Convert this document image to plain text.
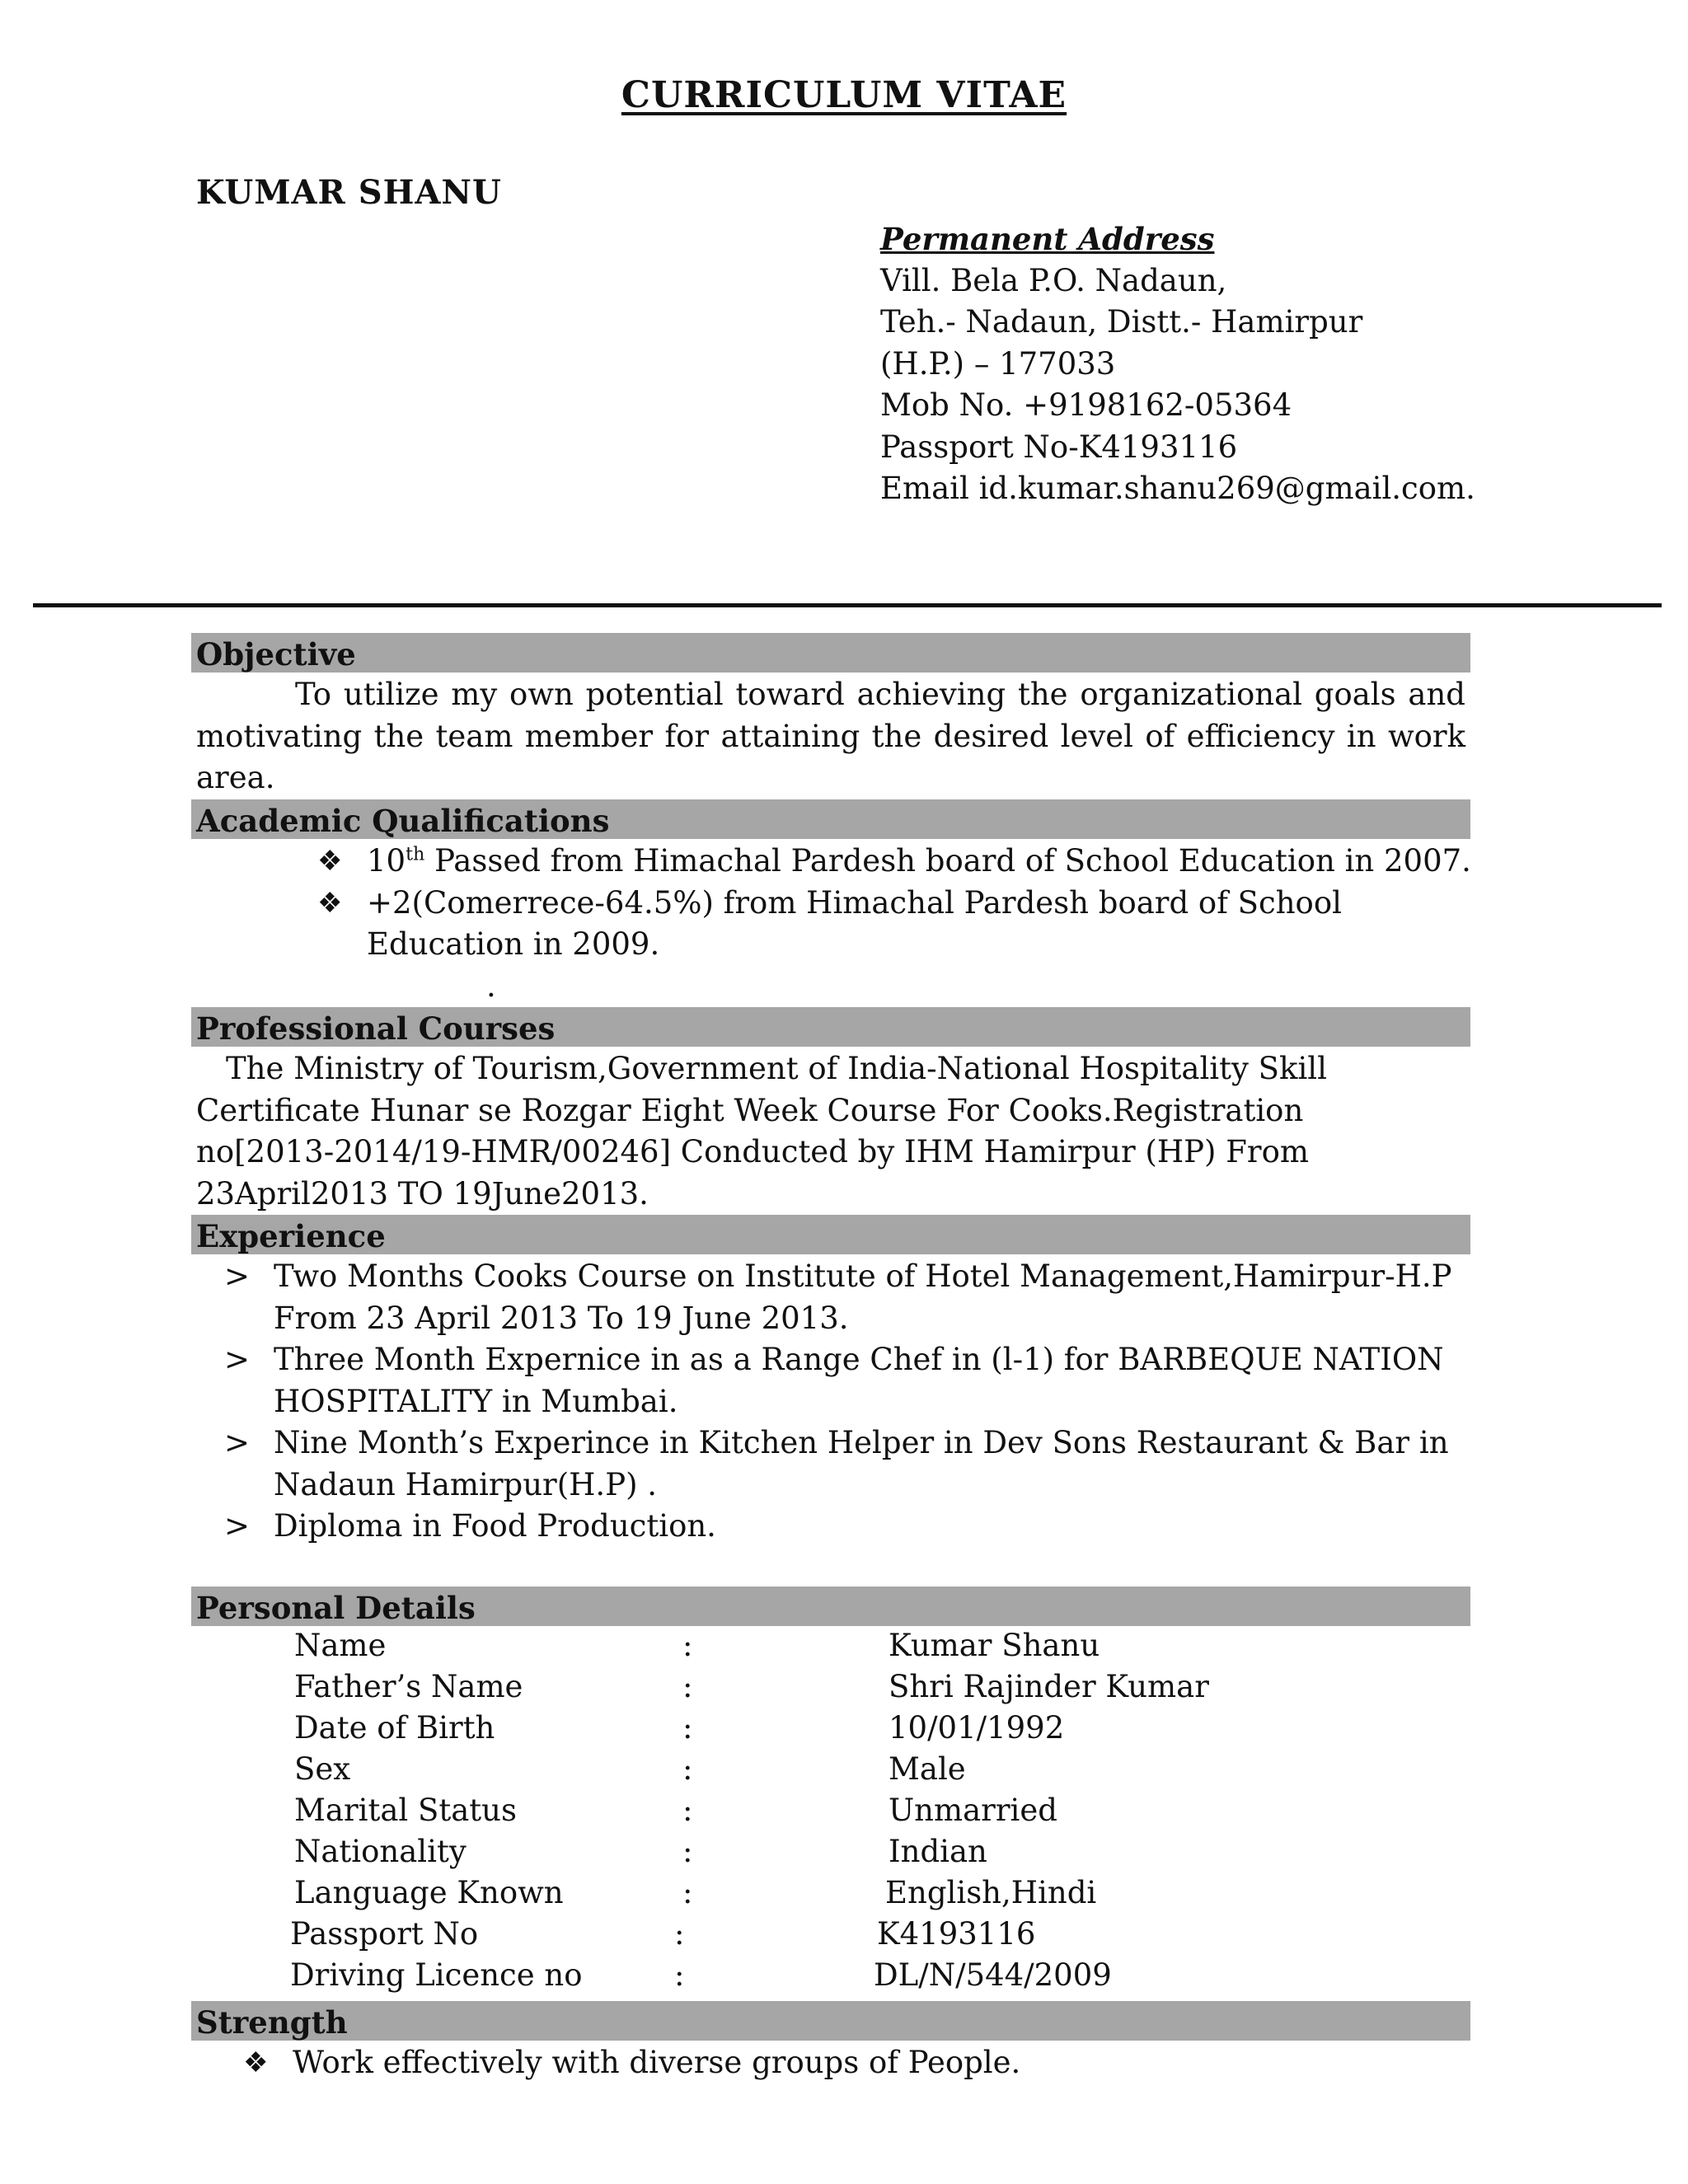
CURRICULUM VITAE
KUMAR SHANU
Permanent Address
Vill. Bela P.O. Nadaun,
Teh.- Nadaun, Distt.- Hamirpur
(H.P.) – 177033
Mob No. +9198162-05364
Passport No-K4193116
Email id.kumar.shanu269@gmail.com.
Objective
To utilize my own potential toward achieving the organizational goals and motivating the team member for attaining the desired level of efficiency in work area.
Academic Qualifications
❖ 10th Passed from Himachal Pardesh board of School Education in 2007.
❖ +2(Comerrece-64.5%) from Himachal Pardesh board of School Education in 2009.
.
Professional Courses
The Ministry of Tourism,Government of India-National Hospitality Skill Certificate Hunar se Rozgar Eight Week Course For Cooks.Registration no[2013-2014/19-HMR/00246] Conducted by IHM Hamirpur (HP) From 23April2013 TO 19June2013.
Experience
> Two Months Cooks Course on Institute of Hotel Management,Hamirpur-H.P From 23 April 2013 To 19 June 2013.
> Three Month Expernice in as a Range Chef in (l-1) for BARBEQUE NATION HOSPITALITY in Mumbai.
> Nine Month’s Experince in Kitchen Helper in Dev Sons Restaurant & Bar in Nadaun Hamirpur(H.P) .
> Diploma in Food Production.
Personal Details
Name	:	Kumar Shanu
Father’s Name	:	Shri Rajinder Kumar
Date of Birth	:	10/01/1992
Sex	:	Male
Marital Status	:	Unmarried
Nationality	:	Indian
Language Known	:	English,Hindi
Passport No	:	K4193116
Driving Licence no	:	DL/N/544/2009
Strength
❖ Work effectively with diverse groups of People.
